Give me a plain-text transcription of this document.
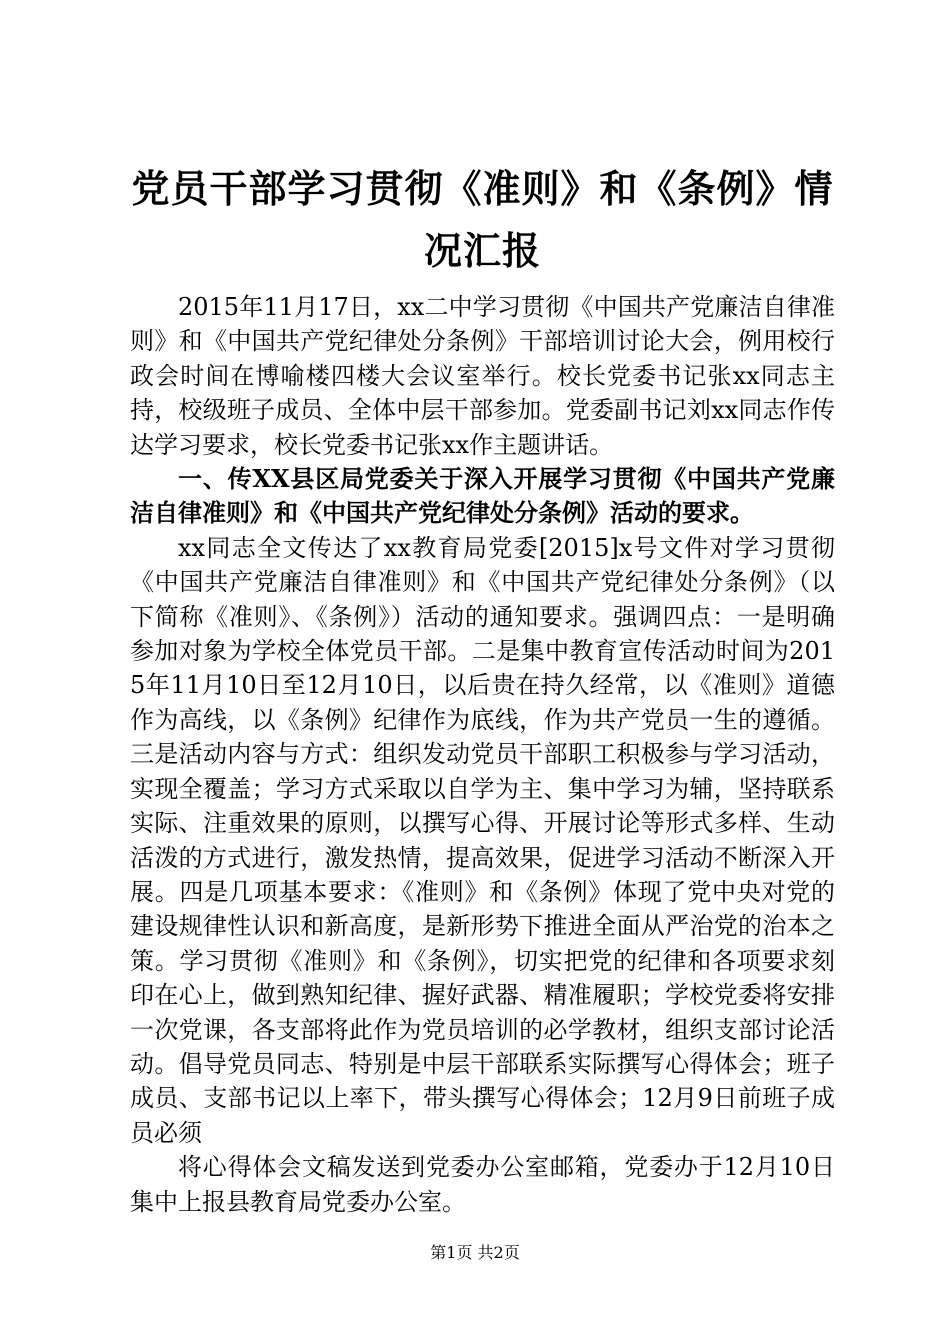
党员干部学习贯彻《准则》和《条例》情况汇报

2015年11月17日，xx二中学习贯彻《中国共产党廉洁自律准则》和《中国共产党纪律处分条例》干部培训讨论大会，例用校行政会时间在博喻楼四楼大会议室举行。校长党委书记张xx同志主持，校级班子成员、全体中层干部参加。党委副书记刘xx同志作传达学习要求，校长党委书记张xx作主题讲话。

一、传XX县区局党委关于深入开展学习贯彻《中国共产党廉洁自律准则》和《中国共产党纪律处分条例》活动的要求。

xx同志全文传达了xx教育局党委[2015]x号文件对学习贯彻《中国共产党廉洁自律准则》和《中国共产党纪律处分条例》（以下简称《准则》、《条例》）活动的通知要求。强调四点：一是明确参加对象为学校全体党员干部。二是集中教育宣传活动时间为2015年11月10日至12月10日，以后贵在持久经常，以《准则》道德作为高线，以《条例》纪律作为底线，作为共产党员一生的遵循。三是活动内容与方式：组织发动党员干部职工积极参与学习活动，实现全覆盖；学习方式采取以自学为主、集中学习为辅，坚持联系实际、注重效果的原则，以撰写心得、开展讨论等形式多样、生动活泼的方式进行，激发热情，提高效果，促进学习活动不断深入开展。四是几项基本要求：《准则》和《条例》体现了党中央对党的建设规律性认识和新高度，是新形势下推进全面从严治党的治本之策。学习贯彻《准则》和《条例》，切实把党的纪律和各项要求刻印在心上，做到熟知纪律、握好武器、精准履职；学校党委将安排一次党课，各支部将此作为党员培训的必学教材，组织支部讨论活动。倡导党员同志、特别是中层干部联系实际撰写心得体会；班子成员、支部书记以上率下，带头撰写心得体会；12月9日前班子成员必须

将心得体会文稿发送到党委办公室邮箱，党委办于12月10日集中上报县教育局党委办公室。

第1页 共2页
